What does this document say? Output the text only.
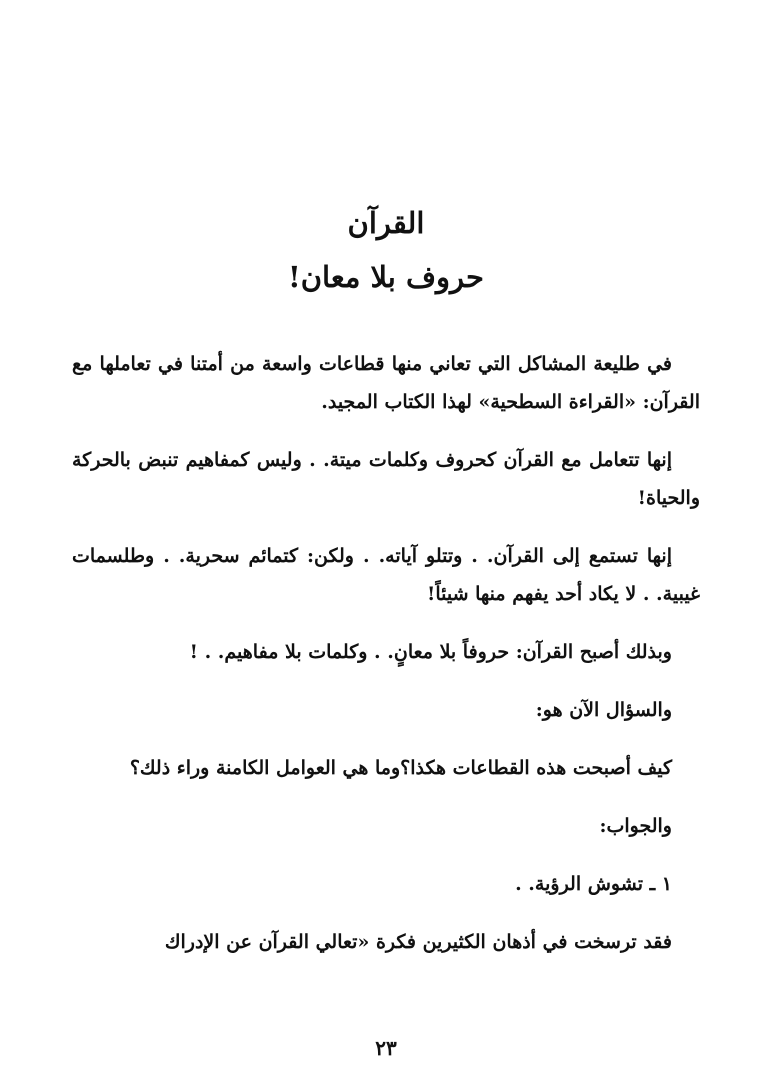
القرآن
حروف بلا معان!

في طليعة المشاكل التي تعاني منها قطاعات واسعة من أمتنا في تعاملها مع القرآن: «القراءة السطحية» لهذا الكتاب المجيد.

إنها تتعامل مع القرآن كحروف وكلمات ميتة. . وليس كمفاهيم تنبض بالحركة والحياة!

إنها تستمع إلى القرآن. . وتتلو آياته. . ولكن: كتمائم سحرية. . وطلسمات غيبية. . لا يكاد أحد يفهم منها شيئاً!

وبذلك أصبح القرآن: حروفاً بلا معانٍ. . وكلمات بلا مفاهيم. . !

والسؤال الآن هو:

كيف أصبحت هذه القطاعات هكذا؟وما هي العوامل الكامنة وراء ذلك؟

والجواب:

١ ـ تشوش الرؤية. .

فقد ترسخت في أذهان الكثيرين فكرة «تعالي القرآن عن الإدراك

٢٣
